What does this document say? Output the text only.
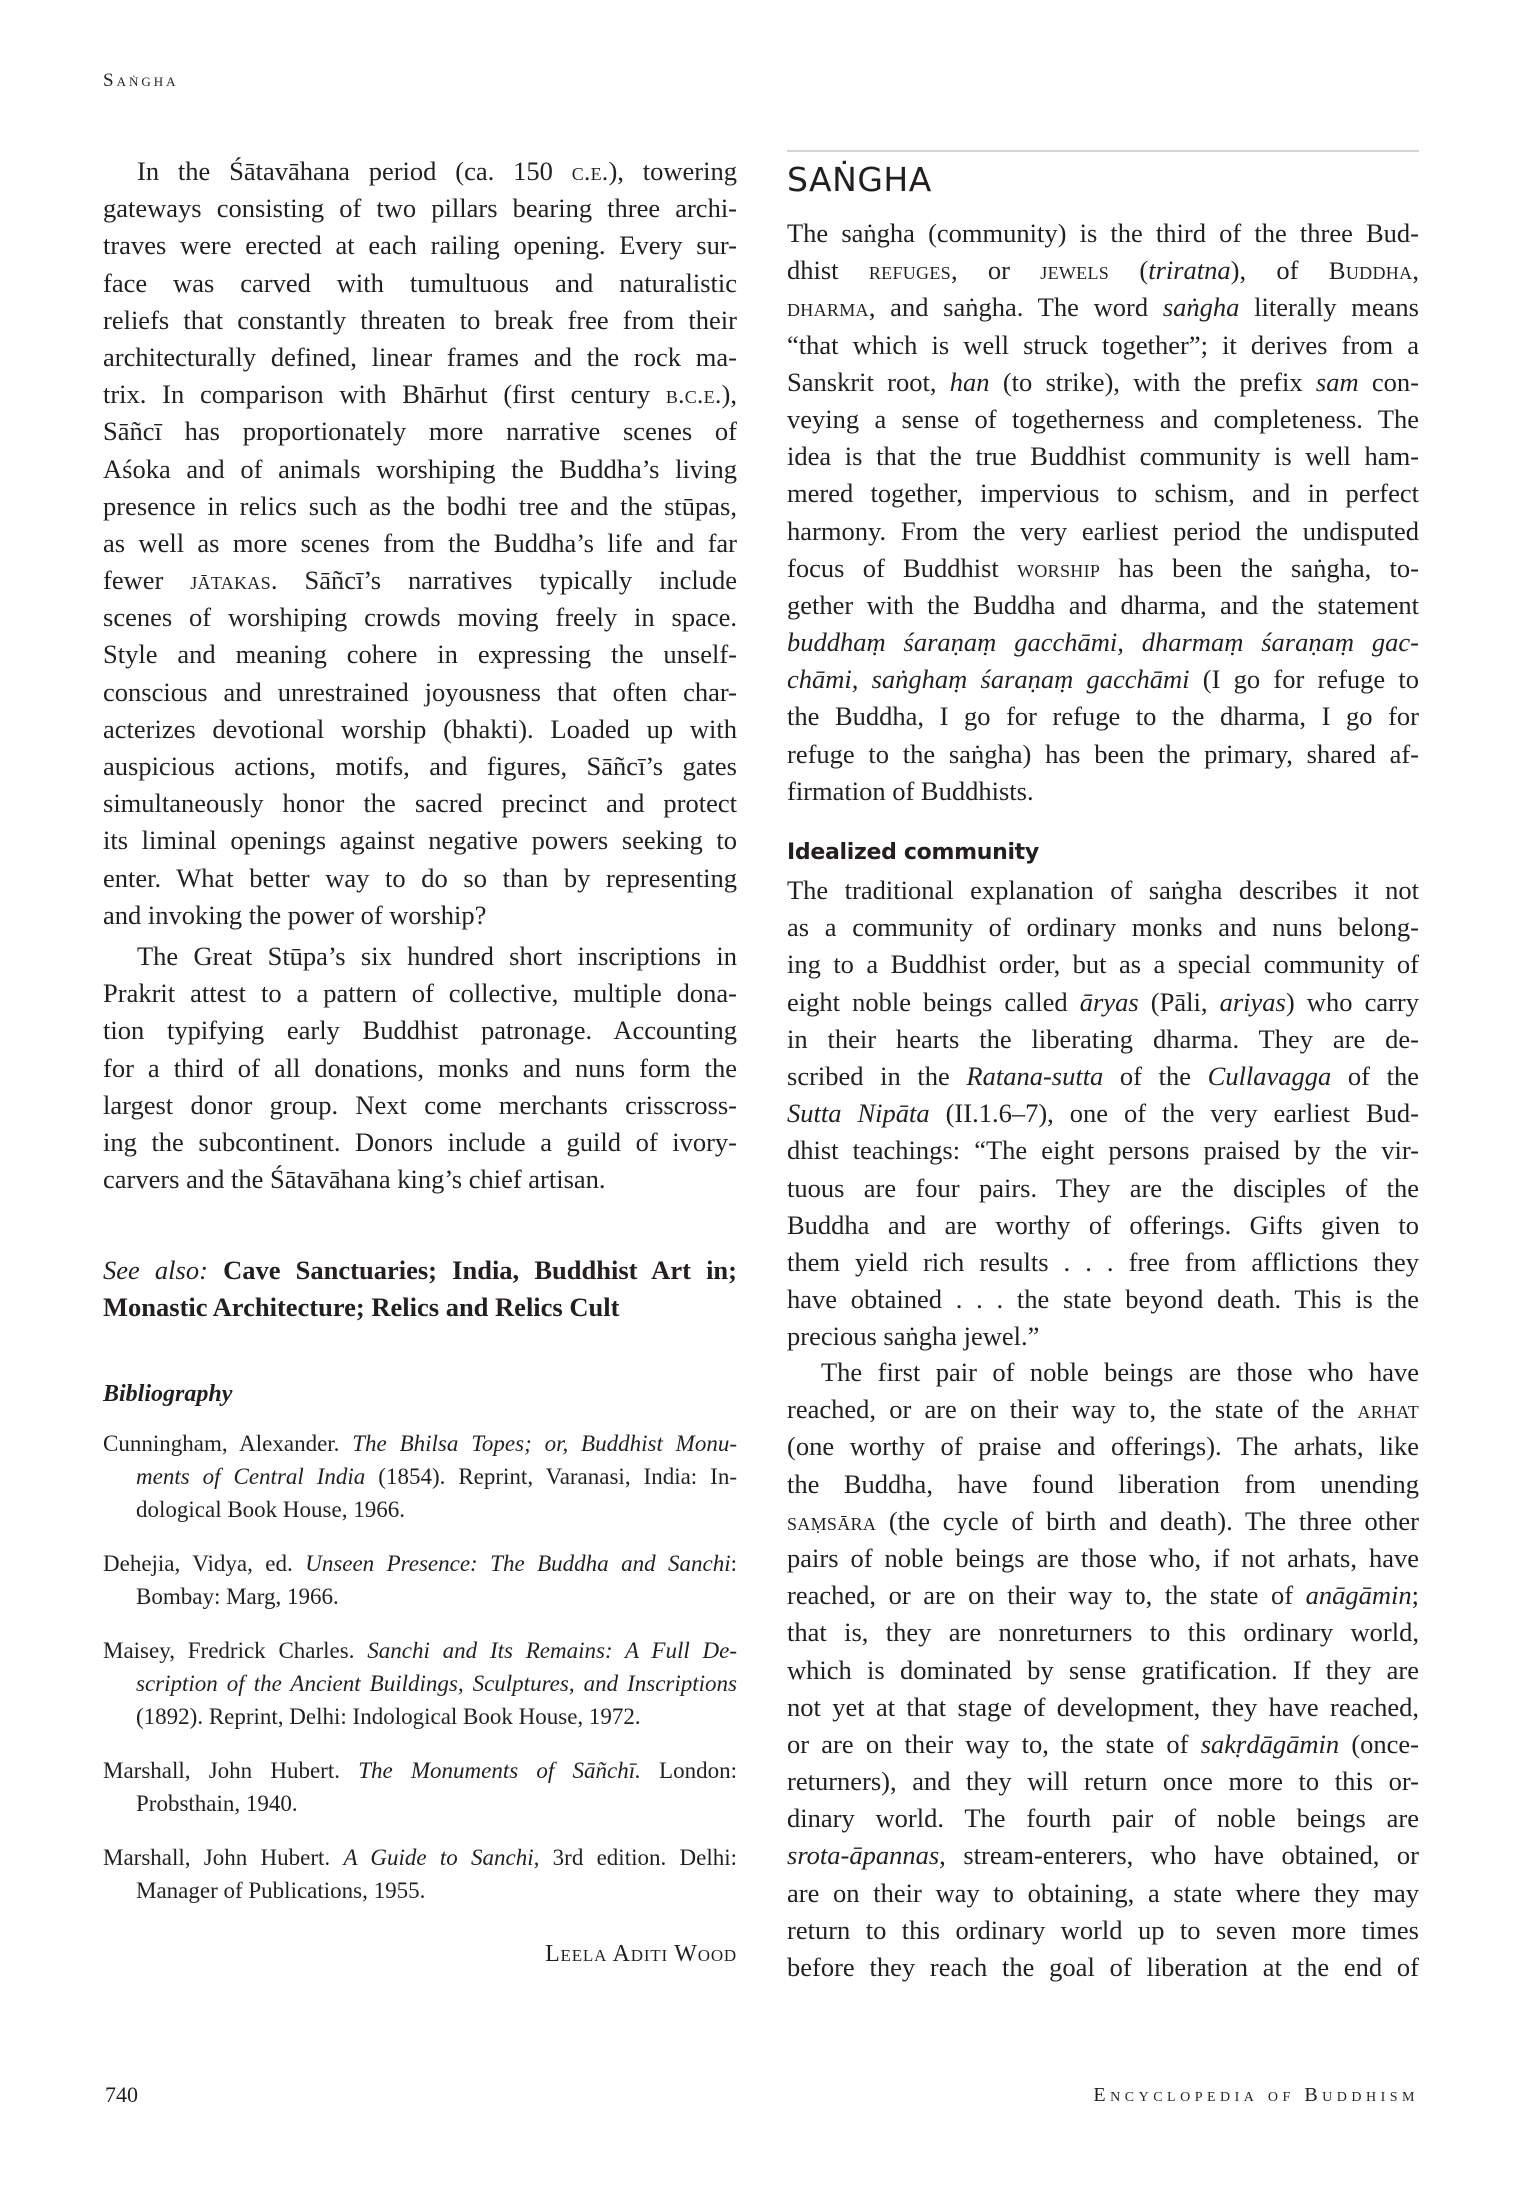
Saṅgha
SAṄGHA
In the Śātavāhana period (ca. 150 c.e.), towering
gateways consisting of two pillars bearing three archi-
traves were erected at each railing opening. Every sur-
face was carved with tumultuous and naturalistic
reliefs that constantly threaten to break free from their
architecturally defined, linear frames and the rock ma-
trix. In comparison with Bhārhut (first century b.c.e.),
Sāñcī has proportionately more narrative scenes of
Aśoka and of animals worshiping the Buddha’s living
presence in relics such as the bodhi tree and the stūpas,
as well as more scenes from the Buddha’s life and far
fewer jātakas. Sāñcī’s narratives typically include
scenes of worshiping crowds moving freely in space.
Style and meaning cohere in expressing the unself-
conscious and unrestrained joyousness that often char-
acterizes devotional worship (bhakti). Loaded up with
auspicious actions, motifs, and figures, Sāñcī’s gates
simultaneously honor the sacred precinct and protect
its liminal openings against negative powers seeking to
enter. What better way to do so than by representing
and invoking the power of worship?
The Great Stūpa’s six hundred short inscriptions in
Prakrit attest to a pattern of collective, multiple dona-
tion typifying early Buddhist patronage. Accounting
for a third of all donations, monks and nuns form the
largest donor group. Next come merchants crisscross-
ing the subcontinent. Donors include a guild of ivory-
carvers and the Śātavāhana king’s chief artisan.
See also: Cave Sanctuaries; India, Buddhist Art in;
Monastic Architecture; Relics and Relics Cult
Bibliography
Cunningham, Alexander. The Bhilsa Topes; or, Buddhist Monu-
ments of Central India (1854). Reprint, Varanasi, India: In-
dological Book House, 1966.
Dehejia, Vidya, ed. Unseen Presence: The Buddha and Sanchi:
Bombay: Marg, 1966.
Maisey, Fredrick Charles. Sanchi and Its Remains: A Full De-
scription of the Ancient Buildings, Sculptures, and Inscriptions
(1892). Reprint, Delhi: Indological Book House, 1972.
Marshall, John Hubert. The Monuments of Sāñchī. London:
Probsthain, 1940.
Marshall, John Hubert. A Guide to Sanchi, 3rd edition. Delhi:
Manager of Publications, 1955.
Leela Aditi Wood
The saṅgha (community) is the third of the three Bud-
dhist refuges, or jewels (triratna), of Buddha,
dharma, and saṅgha. The word saṅgha literally means
“that which is well struck together”; it derives from a
Sanskrit root, han (to strike), with the prefix sam con-
veying a sense of togetherness and completeness. The
idea is that the true Buddhist community is well ham-
mered together, impervious to schism, and in perfect
harmony. From the very earliest period the undisputed
focus of Buddhist worship has been the saṅgha, to-
gether with the Buddha and dharma, and the statement
buddhaṃ śaraṇaṃ gacchāmi, dharmaṃ śaraṇaṃ gac-
chāmi, saṅghaṃ śaraṇaṃ gacchāmi (I go for refuge to
the Buddha, I go for refuge to the dharma, I go for
refuge to the saṅgha) has been the primary, shared af-
firmation of Buddhists.
Idealized community
The traditional explanation of saṅgha describes it not
as a community of ordinary monks and nuns belong-
ing to a Buddhist order, but as a special community of
eight noble beings called āryas (Pāli, ariyas) who carry
in their hearts the liberating dharma. They are de-
scribed in the Ratana-sutta of the Cullavagga of the
Sutta Nipāta (II.1.6–7), one of the very earliest Bud-
dhist teachings: “The eight persons praised by the vir-
tuous are four pairs. They are the disciples of the
Buddha and are worthy of offerings. Gifts given to
them yield rich results . . . free from afflictions they
have obtained . . . the state beyond death. This is the
precious saṅgha jewel.”
The first pair of noble beings are those who have
reached, or are on their way to, the state of the arhat
(one worthy of praise and offerings). The arhats, like
the Buddha, have found liberation from unending
saṃsāra (the cycle of birth and death). The three other
pairs of noble beings are those who, if not arhats, have
reached, or are on their way to, the state of anāgāmin;
that is, they are nonreturners to this ordinary world,
which is dominated by sense gratification. If they are
not yet at that stage of development, they have reached,
or are on their way to, the state of sakṛdāgāmin (once-
returners), and they will return once more to this or-
dinary world. The fourth pair of noble beings are
srota-āpannas, stream-enterers, who have obtained, or
are on their way to obtaining, a state where they may
return to this ordinary world up to seven more times
before they reach the goal of liberation at the end of
740	Encyclopedia of Buddhism
